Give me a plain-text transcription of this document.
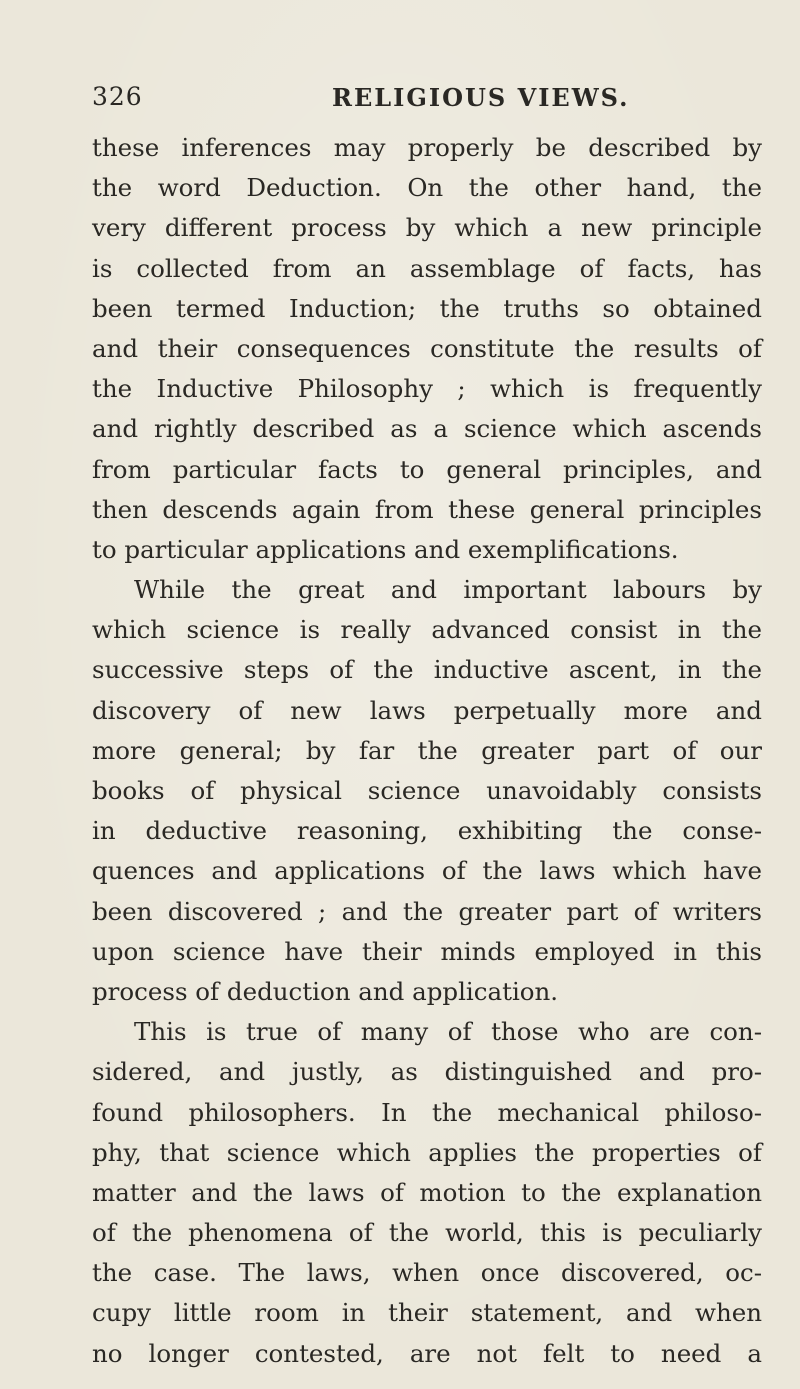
326	RELIGIOUS VIEWS.
these inferences may properly be described by
the word Deduction. On the other hand, the
very different process by which a new principle
is collected from an assemblage of facts, has
been termed Induction; the truths so obtained
and their consequences constitute the results of
the Inductive Philosophy ; which is frequently
and rightly described as a science which ascends
from particular facts to general principles, and
then descends again from these general principles
to particular applications and exemplifications.
While the great and important labours by
which science is really advanced consist in the
successive steps of the inductive ascent, in the
discovery of new laws perpetually more and
more general; by far the greater part of our
books of physical science unavoidably consists
in deductive reasoning, exhibiting the conse-
quences and applications of the laws which have
been discovered ; and the greater part of writers
upon science have their minds employed in this
process of deduction and application.
This is true of many of those who are con-
sidered, and justly, as distinguished and pro-
found philosophers. In the mechanical philoso-
phy, that science which applies the properties of
matter and the laws of motion to the explanation
of the phenomena of the world, this is peculiarly
the case. The laws, when once discovered, oc-
cupy little room in their statement, and when
no longer contested, are not felt to need a
